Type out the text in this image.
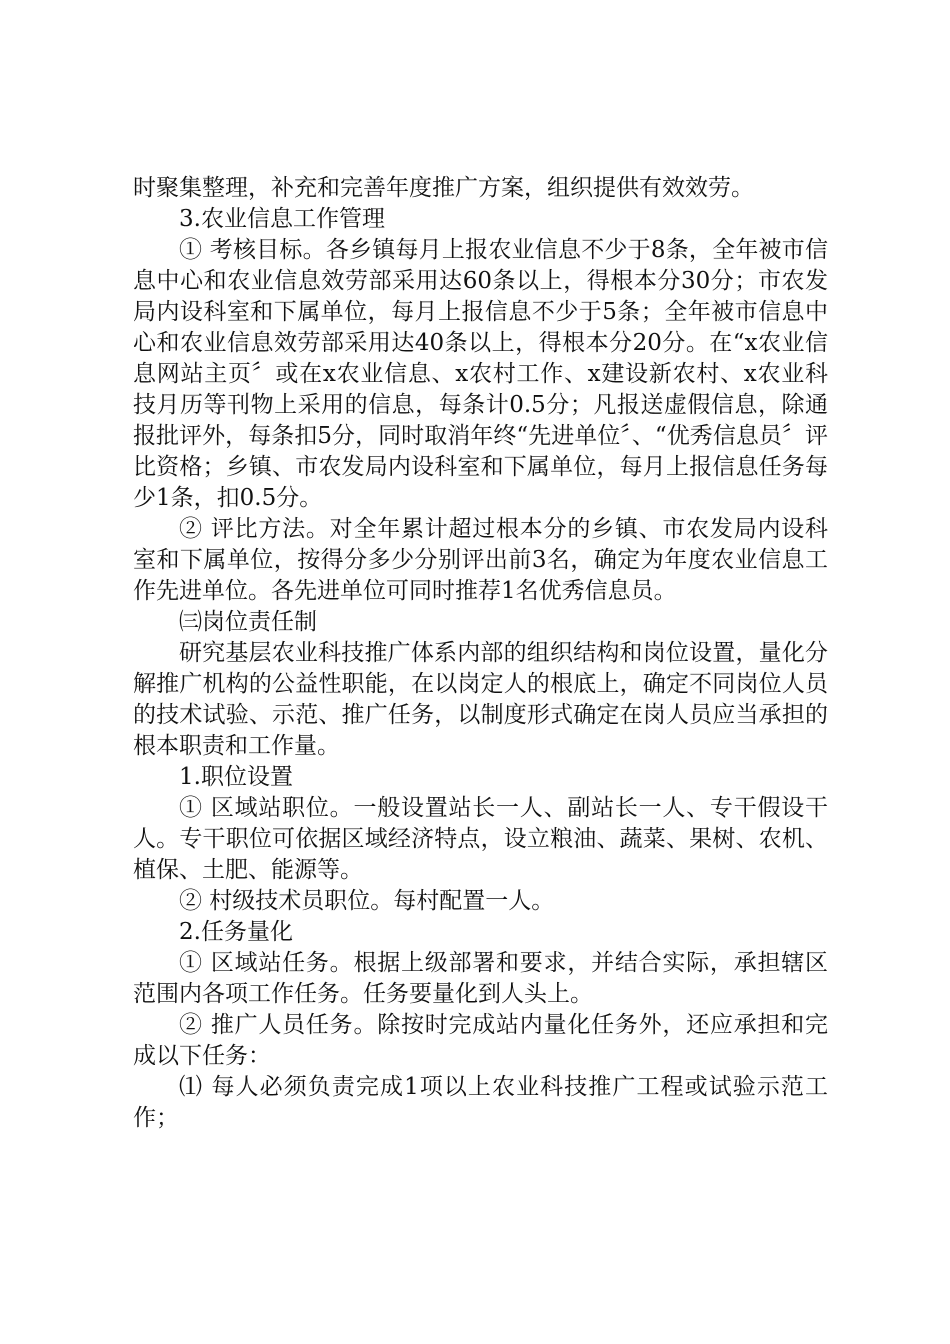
时聚集整理，补充和完善年度推广方案，组织提供有效效劳。

3.农业信息工作管理

① 考核目标。各乡镇每月上报农业信息不少于8条，全年被市信息中心和农业信息效劳部采用达60条以上，得根本分30分；市农发局内设科室和下属单位，每月上报信息不少于5条；全年被市信息中心和农业信息效劳部采用达40条以上，得根本分20分。在“x农业信息网站主页〞或在x农业信息、x农村工作、x建设新农村、x农业科技月历等刊物上采用的信息，每条计0.5分；凡报送虚假信息，除通报批评外，每条扣5分，同时取消年终“先进单位〞、“优秀信息员〞评比资格；乡镇、市农发局内设科室和下属单位，每月上报信息任务每少1条，扣0.5分。

② 评比方法。对全年累计超过根本分的乡镇、市农发局内设科室和下属单位，按得分多少分别评出前3名，确定为年度农业信息工作先进单位。各先进单位可同时推荐1名优秀信息员。

㈢岗位责任制

研究基层农业科技推广体系内部的组织结构和岗位设置，量化分解推广机构的公益性职能，在以岗定人的根底上，确定不同岗位人员的技术试验、示范、推广任务，以制度形式确定在岗人员应当承担的根本职责和工作量。

1.职位设置

① 区域站职位。一般设置站长一人、副站长一人、专干假设干人。专干职位可依据区域经济特点，设立粮油、蔬菜、果树、农机、植保、土肥、能源等。

② 村级技术员职位。每村配置一人。

2.任务量化

① 区域站任务。根据上级部署和要求，并结合实际，承担辖区范围内各项工作任务。任务要量化到人头上。

② 推广人员任务。除按时完成站内量化任务外，还应承担和完成以下任务：

⑴ 每人必须负责完成1项以上农业科技推广工程或试验示范工作；
